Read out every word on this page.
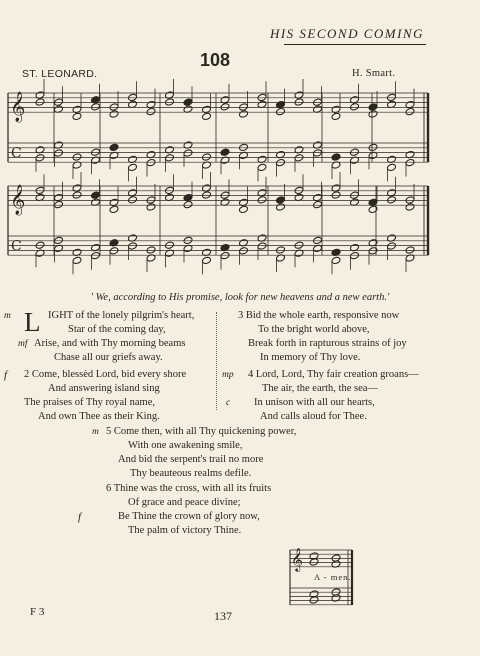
HIS SECOND COMING
108
ST. LEONARD.	H. Smart.
𝄞
C
𝄞
C
𝄞
' We, according to His promise, look for new heavens and a new earth.'
L
m	IGHT of the lonely pilgrim's heart,
Star of the coming day,
mf Arise, and with Thy morning beams
Chase all our griefs away.
f 2 Come, blessèd Lord, bid every shore
And answering island sing
The praises of Thy royal name,
And own Thee as their King.
3 Bid the whole earth, responsive now
To the bright world above,
Break forth in rapturous strains of joy
In memory of Thy love.
mp 4 Lord, Lord, Thy fair creation groans—
The air, the earth, the sea—
c In unison with all our hearts,
And calls aloud for Thee.
m 5 Come then, with all Thy quickening power,
With one awakening smile,
And bid the serpent's trail no more
Thy beauteous realms defile.
6 Thine was the cross, with all its fruits
Of grace and peace divine;
f	Be Thine the crown of glory now,
The palm of victory Thine.
A - men.
F 3	137
